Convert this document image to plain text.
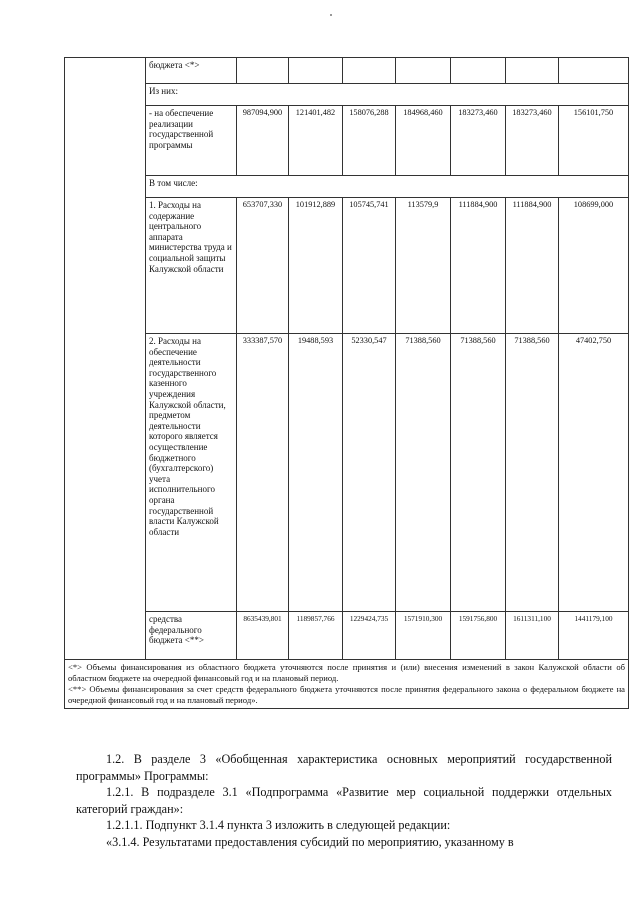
	бюджета <*>							
	Из них:							
	- на обеспечение реализации государственной программы	987094,900	121401,482	158076,288	184968,460	183273,460	183273,460	156101,750
	В том числе:							
	1. Расходы на содержание центрального аппарата министерства труда и социальной защиты Калужской области	653707,330	101912,889	105745,741	113579,9	111884,900	111884,900	108699,000
	2. Расходы на обеспечение деятельности государственного казенного учреждения Калужской области, предметом деятельности которого является осуществление бюджетного (бухгалтерского) учета исполнительного органа государственной власти Калужской области	333387,570	19488,593	52330,547	71388,560	71388,560	71388,560	47402,750
	средства федерального бюджета <**>	8635439,801	1189857,766	1229424,735	1571910,300	1591756,800	1611311,100	1441179,100

<*> Объемы финансирования из областного бюджета уточняются после принятия и (или) внесения изменений в закон Калужской области об областном бюджете на очередной финансовый год и на плановый период.
<**> Объемы финансирования за счет средств федерального бюджета уточняются после принятия федерального закона о федеральном бюджете на очередной финансовый год и на плановый период».								
1.2. В разделе 3 «Обобщенная характеристика основных мероприятий государственной программы» Программы:
1.2.1. В подразделе 3.1 «Подпрограмма «Развитие мер социальной поддержки отдельных категорий граждан»:
1.2.1.1. Подпункт 3.1.4 пункта 3 изложить в следующей редакции:
«3.1.4. Результатами предоставления субсидий по мероприятию, указанному в
